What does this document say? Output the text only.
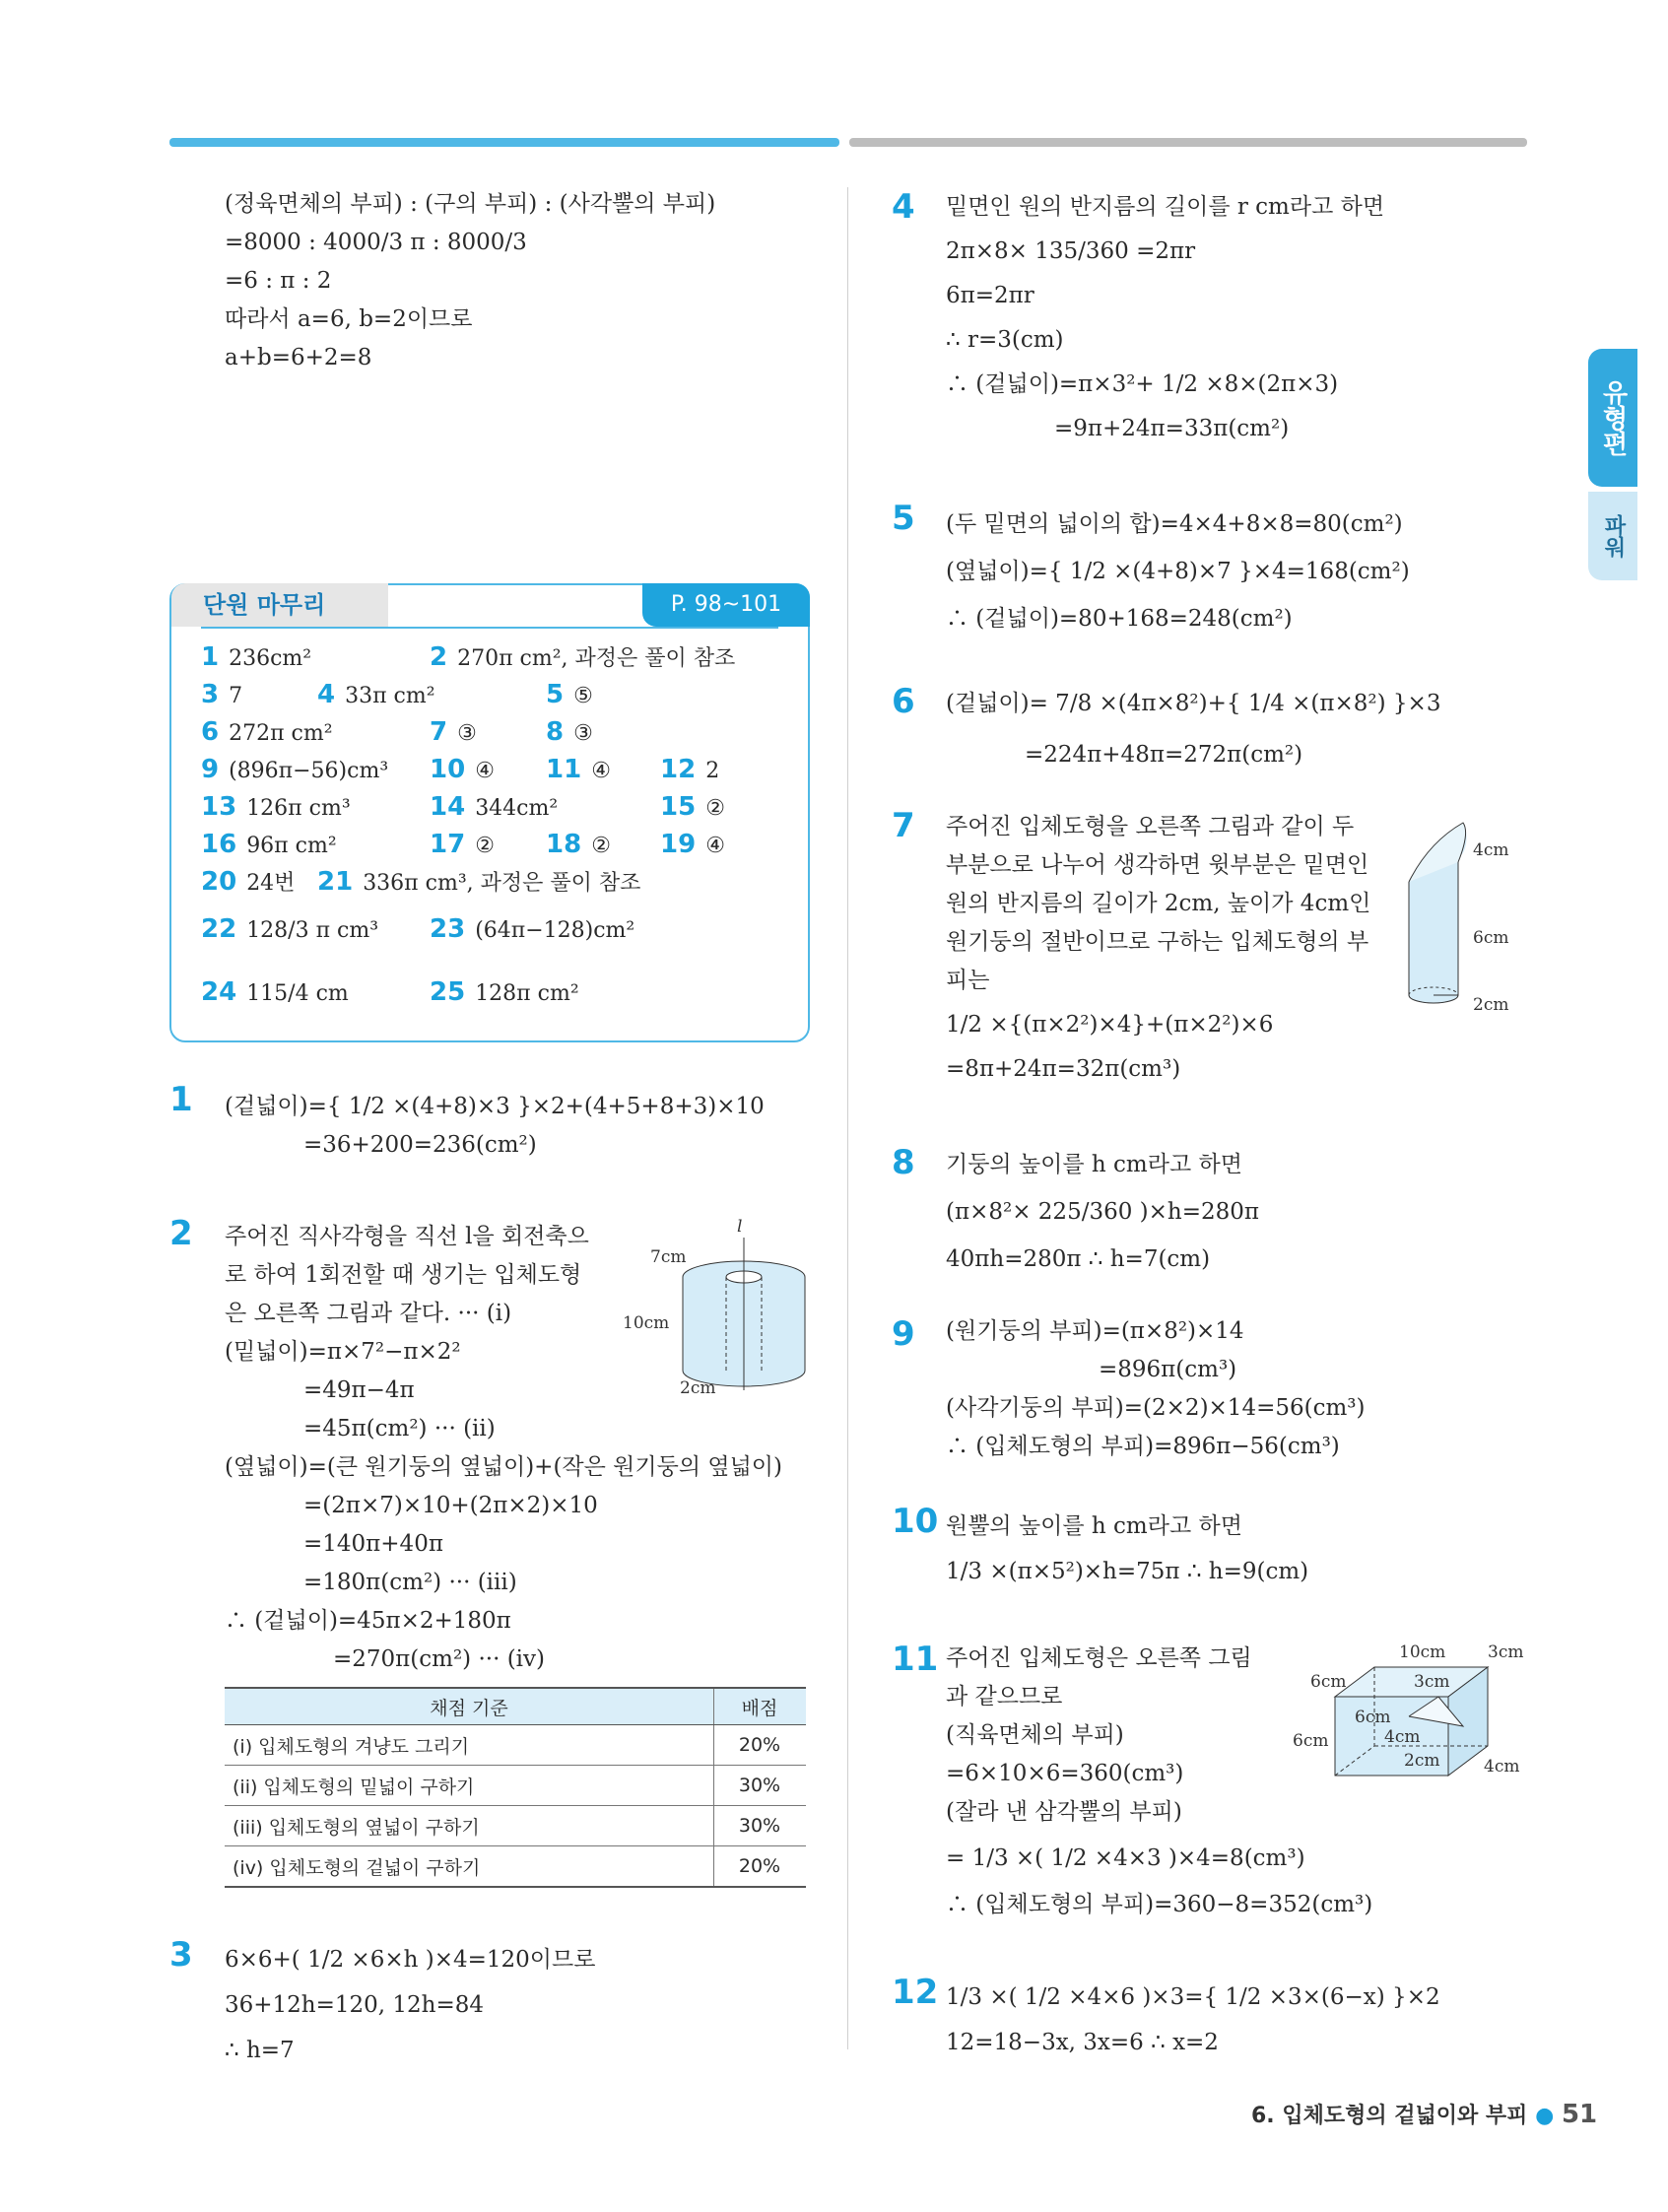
유형편
파워
(정육면체의 부피) : (구의 부피) : (사각뿔의 부피)
=8000 : 4000/3 π : 8000/3
=6 : π : 2
따라서 a=6, b=2이므로
a+b=6+2=8
단원 마무리	P. 98~101
1 236cm²	2 270π cm², 과정은 풀이 참조
3 7	4 33π cm²	5 ⑤
6 272π cm²	7 ③	8 ③
9 (896π−56)cm³ 10 ④ 11 ④ 12 2
13 126π cm³	14 344cm²	15 ②
16 96π cm²	17 ② 18 ② 19 ④
20 24번 21 336π cm³, 과정은 풀이 참조
22 128/3 π cm³ 23 (64π−128)cm²
24 115/4 cm	25 128π cm²
1 (겉넓이)={ 1/2 ×(4+8)×3 }×2+(4+5+8+3)×10
=36+200=236(cm²)
2 주어진 직사각형을 직선 l을 회전축으
로 하여 1회전할 때 생기는 입체도형
은 오른쪽 그림과 같다. ··· (i)
(밑넓이)=π×7²−π×2²
=49π−4π
=45π(cm²) ··· (ii)
(옆넓이)=(큰 원기둥의 옆넓이)+(작은 원기둥의 옆넓이)
=(2π×7)×10+(2π×2)×10
=140π+40π
=180π(cm²) ··· (iii)
∴ (겉넓이)=45π×2+180π
=270π(cm²) ··· (iv)
7cm
10cm
2cm
l
채점 기준	배점
(i) 입체도형의 겨냥도 그리기	20%
(ii) 입체도형의 밑넓이 구하기	30%
(iii) 입체도형의 옆넓이 구하기	30%
(iv) 입체도형의 겉넓이 구하기	20%
3 6×6+( 1/2 ×6×h )×4=120이므로
36+12h=120, 12h=84
∴ h=7
4 밑면인 원의 반지름의 길이를 r cm라고 하면
2π×8× 135/360 =2πr
6π=2πr
∴ r=3(cm)
∴ (겉넓이)=π×3²+ 1/2 ×8×(2π×3)
=9π+24π=33π(cm²)
5 (두 밑면의 넓이의 합)=4×4+8×8=80(cm²)
(옆넓이)={ 1/2 ×(4+8)×7 }×4=168(cm²)
∴ (겉넓이)=80+168=248(cm²)
6 (겉넓이)= 7/8 ×(4π×8²)+{ 1/4 ×(π×8²) }×3
=224π+48π=272π(cm²)
7 주어진 입체도형을 오른쪽 그림과 같이 두
부분으로 나누어 생각하면 윗부분은 밑면인
원의 반지름의 길이가 2cm, 높이가 4cm인
원기둥의 절반이므로 구하는 입체도형의 부
피는
1/2 ×{(π×2²)×4}+(π×2²)×6
=8π+24π=32π(cm³)
4cm
6cm
2cm
8 기둥의 높이를 h cm라고 하면
(π×8²× 225/360 )×h=280π
40πh=280π ∴ h=7(cm)
9 (원기둥의 부피)=(π×8²)×14
=896π(cm³)
(사각기둥의 부피)=(2×2)×14=56(cm³)
∴ (입체도형의 부피)=896π−56(cm³)
10 원뿔의 높이를 h cm라고 하면
1/3 ×(π×5²)×h=75π ∴ h=9(cm)
11 주어진 입체도형은 오른쪽 그림
과 같으므로
(직육면체의 부피)
=6×10×6=360(cm³)
(잘라 낸 삼각뿔의 부피)
= 1/3 ×( 1/2 ×4×3 )×4=8(cm³)
∴ (입체도형의 부피)=360−8=352(cm³)
10cm	3cm
6cm	3cm
6cm
6cm	4cm
2cm	4cm
12 1/3 ×( 1/2 ×4×6 )×3={ 1/2 ×3×(6−x) }×2
12=18−3x, 3x=6 ∴ x=2
6. 입체도형의 겉넓이와 부피 ● 51
